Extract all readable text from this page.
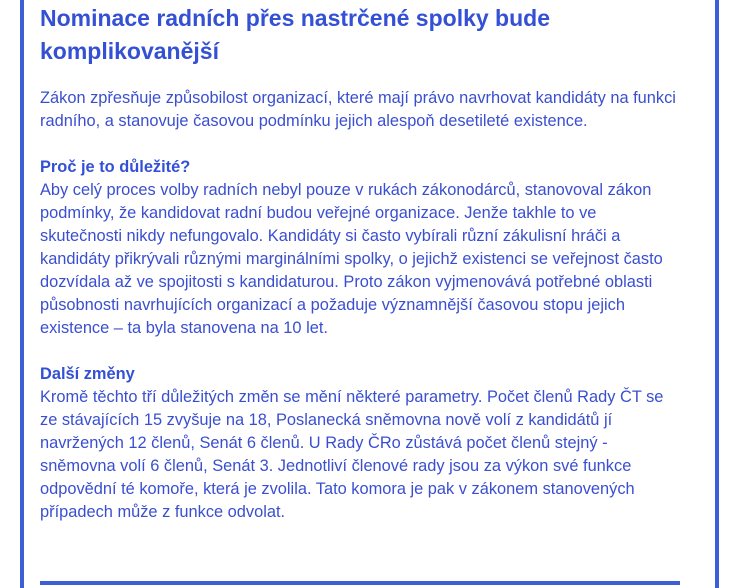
Nominace radních přes nastrčené spolky bude komplikovanější

Zákon zpřesňuje způsobilost organizací, které mají právo navrhovat kandidáty na funkci radního, a stanovuje časovou podmínku jejich alespoň desetileté existence.

Proč je to důležité?
Aby celý proces volby radních nebyl pouze v rukách zákonodárců, stanovoval zákon podmínky, že kandidovat radní budou veřejné organizace. Jenže takhle to ve skutečnosti nikdy nefungovalo. Kandidáty si často vybírali různí zákulisní hráči a kandidáty přikrývali různými marginálními spolky, o jejichž existenci se veřejnost často dozvídala až ve spojitosti s kandidaturou. Proto zákon vyjmenovává potřebné oblasti působnosti navrhujících organizací a požaduje významnější časovou stopu jejich existence – ta byla stanovena na 10 let.
Další změny
Kromě těchto tří důležitých změn se mění některé parametry. Počet členů Rady ČT se ze stávajících 15 zvyšuje na 18, Poslanecká sněmovna nově volí z kandidátů jí navržených 12 členů, Senát 6 členů. U Rady ČRo zůstává počet členů stejný - sněmovna volí 6 členů, Senát 3. Jednotliví členové rady jsou za výkon své funkce odpovědní té komoře, která je zvolila. Tato komora je pak v zákonem stanovených případech může z funkce odvolat.
